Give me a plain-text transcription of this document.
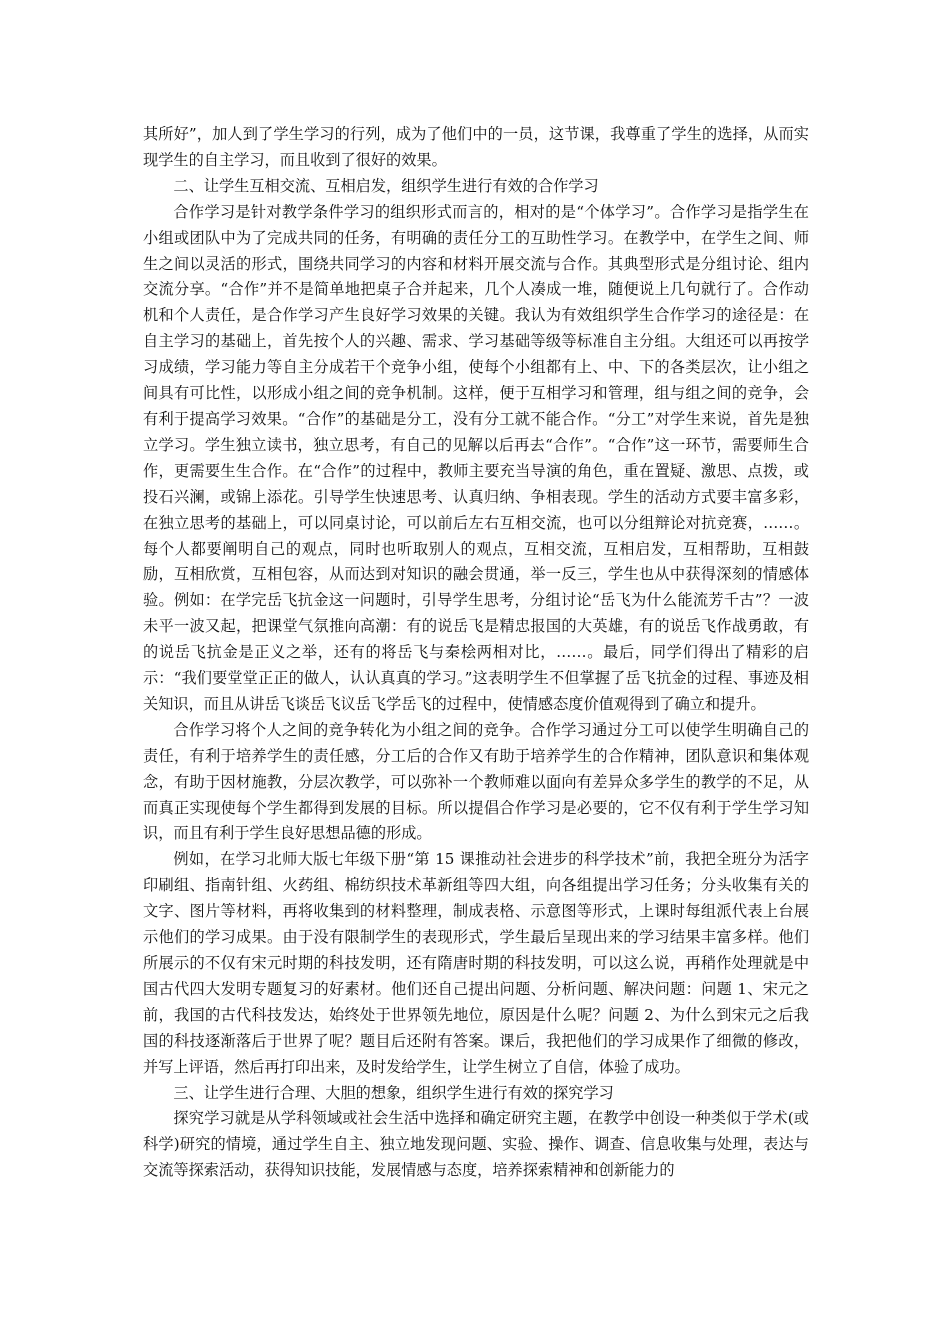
其所好”，加人到了学生学习的行列，成为了他们中的一员，这节课，我尊重了学生的选择，从而实现学生的自主学习，而且收到了很好的效果。

二、让学生互相交流、互相启发，组织学生进行有效的合作学习

合作学习是针对教学条件学习的组织形式而言的，相对的是“个体学习”。合作学习是指学生在小组或团队中为了完成共同的任务，有明确的责任分工的互助性学习。在教学中，在学生之间、师生之间以灵活的形式，围绕共同学习的内容和材料开展交流与合作。其典型形式是分组讨论、组内交流分享。“合作”并不是简单地把桌子合并起来，几个人凑成一堆，随便说上几句就行了。合作动机和个人责任，是合作学习产生良好学习效果的关键。我认为有效组织学生合作学习的途径是：在自主学习的基础上，首先按个人的兴趣、需求、学习基础等级等标准自主分组。大组还可以再按学习成绩，学习能力等自主分成若干个竞争小组，使每个小组都有上、中、下的各类层次，让小组之间具有可比性，以形成小组之间的竞争机制。这样，便于互相学习和管理，组与组之间的竞争，会有利于提高学习效果。“合作”的基础是分工，没有分工就不能合作。“分工”对学生来说，首先是独立学习。学生独立读书，独立思考，有自己的见解以后再去“合作”。“合作”这一环节，需要师生合作，更需要生生合作。在“合作”的过程中，教师主要充当导演的角色，重在置疑、激思、点拨，或投石兴澜，或锦上添花。引导学生快速思考、认真归纳、争相表现。学生的活动方式要丰富多彩，在独立思考的基础上，可以同桌讨论，可以前后左右互相交流，也可以分组辩论对抗竞赛，……。每个人都要阐明自己的观点，同时也听取别人的观点，互相交流，互相启发，互相帮助，互相鼓励，互相欣赏，互相包容，从而达到对知识的融会贯通，举一反三，学生也从中获得深刻的情感体验。例如：在学完岳飞抗金这一问题时，引导学生思考，分组讨论“岳飞为什么能流芳千古”？一波未平一波又起，把课堂气氛推向高潮：有的说岳飞是精忠报国的大英雄，有的说岳飞作战勇敢，有的说岳飞抗金是正义之举，还有的将岳飞与秦桧两相对比，……。最后，同学们得出了精彩的启示：“我们要堂堂正正的做人，认认真真的学习。”这表明学生不但掌握了岳飞抗金的过程、事迹及相关知识，而且从讲岳飞谈岳飞议岳飞学岳飞的过程中，使情感态度价值观得到了确立和提升。

合作学习将个人之间的竞争转化为小组之间的竞争。合作学习通过分工可以使学生明确自己的责任，有利于培养学生的责任感，分工后的合作又有助于培养学生的合作精神，团队意识和集体观念，有助于因材施教，分层次教学，可以弥补一个教师难以面向有差异众多学生的教学的不足，从而真正实现使每个学生都得到发展的目标。所以提倡合作学习是必要的，它不仅有利于学生学习知识，而且有利于学生良好思想品德的形成。

例如，在学习北师大版七年级下册“第 15 课推动社会进步的科学技术”前，我把全班分为活字印刷组、指南针组、火药组、棉纺织技术革新组等四大组，向各组提出学习任务；分头收集有关的文字、图片等材料，再将收集到的材料整理，制成表格、示意图等形式，上课时每组派代表上台展示他们的学习成果。由于没有限制学生的表现形式，学生最后呈现出来的学习结果丰富多样。他们所展示的不仅有宋元时期的科技发明，还有隋唐时期的科技发明，可以这么说，再稍作处理就是中国古代四大发明专题复习的好素材。他们还自己提出问题、分析问题、解决问题：问题 1、宋元之前，我国的古代科技发达，始终处于世界领先地位，原因是什么呢？问题 2、为什么到宋元之后我国的科技逐渐落后于世界了呢？题目后还附有答案。课后，我把他们的学习成果作了细微的修改，并写上评语，然后再打印出来，及时发给学生，让学生树立了自信，体验了成功。

三、让学生进行合理、大胆的想象，组织学生进行有效的探究学习

探究学习就是从学科领域或社会生活中选择和确定研究主题，在教学中创设一种类似于学术(或科学)研究的情境，通过学生自主、独立地发现问题、实验、操作、调查、信息收集与处理，表达与交流等探索活动，获得知识技能，发展情感与态度，培养探索精神和创新能力的
